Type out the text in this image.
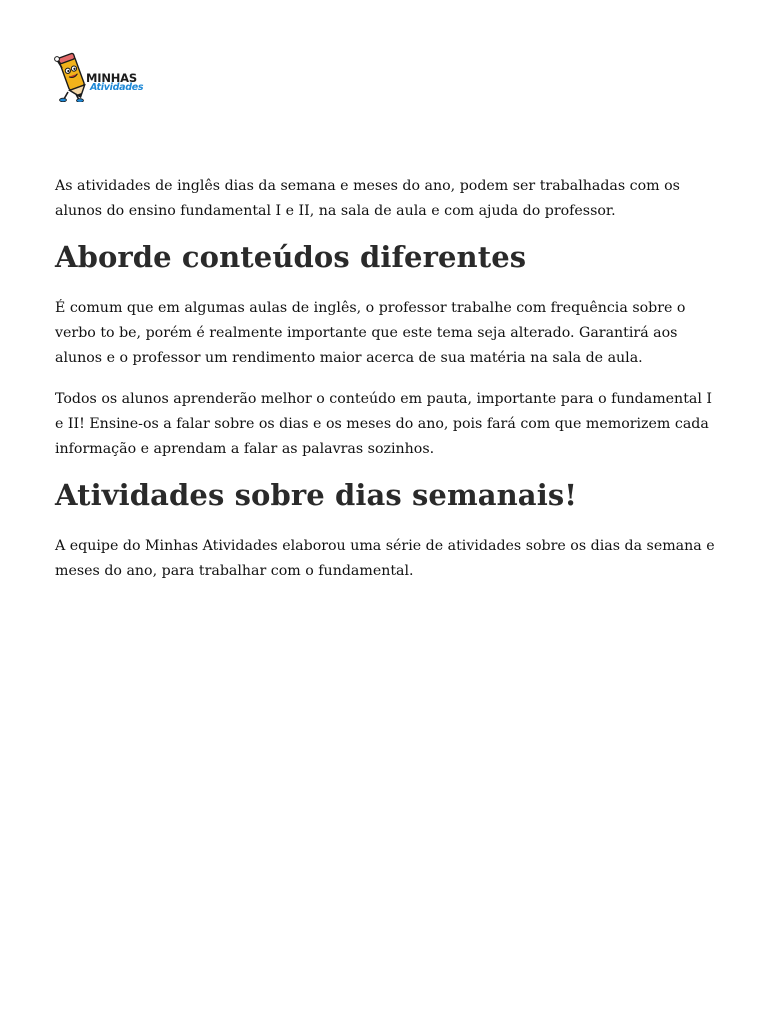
MINHAS
Atividades

As atividades de inglês dias da semana e meses do ano, podem ser trabalhadas com os alunos do ensino fundamental I e II, na sala de aula e com ajuda do professor.

Aborde conteúdos diferentes

É comum que em algumas aulas de inglês, o professor trabalhe com frequência sobre o verbo to be, porém é realmente importante que este tema seja alterado. Garantirá aos alunos e o professor um rendimento maior acerca de sua matéria na sala de aula.

Todos os alunos aprenderão melhor o conteúdo em pauta, importante para o fundamental I e II! Ensine-os a falar sobre os dias e os meses do ano, pois fará com que memorizem cada informação e aprendam a falar as palavras sozinhos.

Atividades sobre dias semanais!

A equipe do Minhas Atividades elaborou uma série de atividades sobre os dias da semana e meses do ano, para trabalhar com o fundamental.
